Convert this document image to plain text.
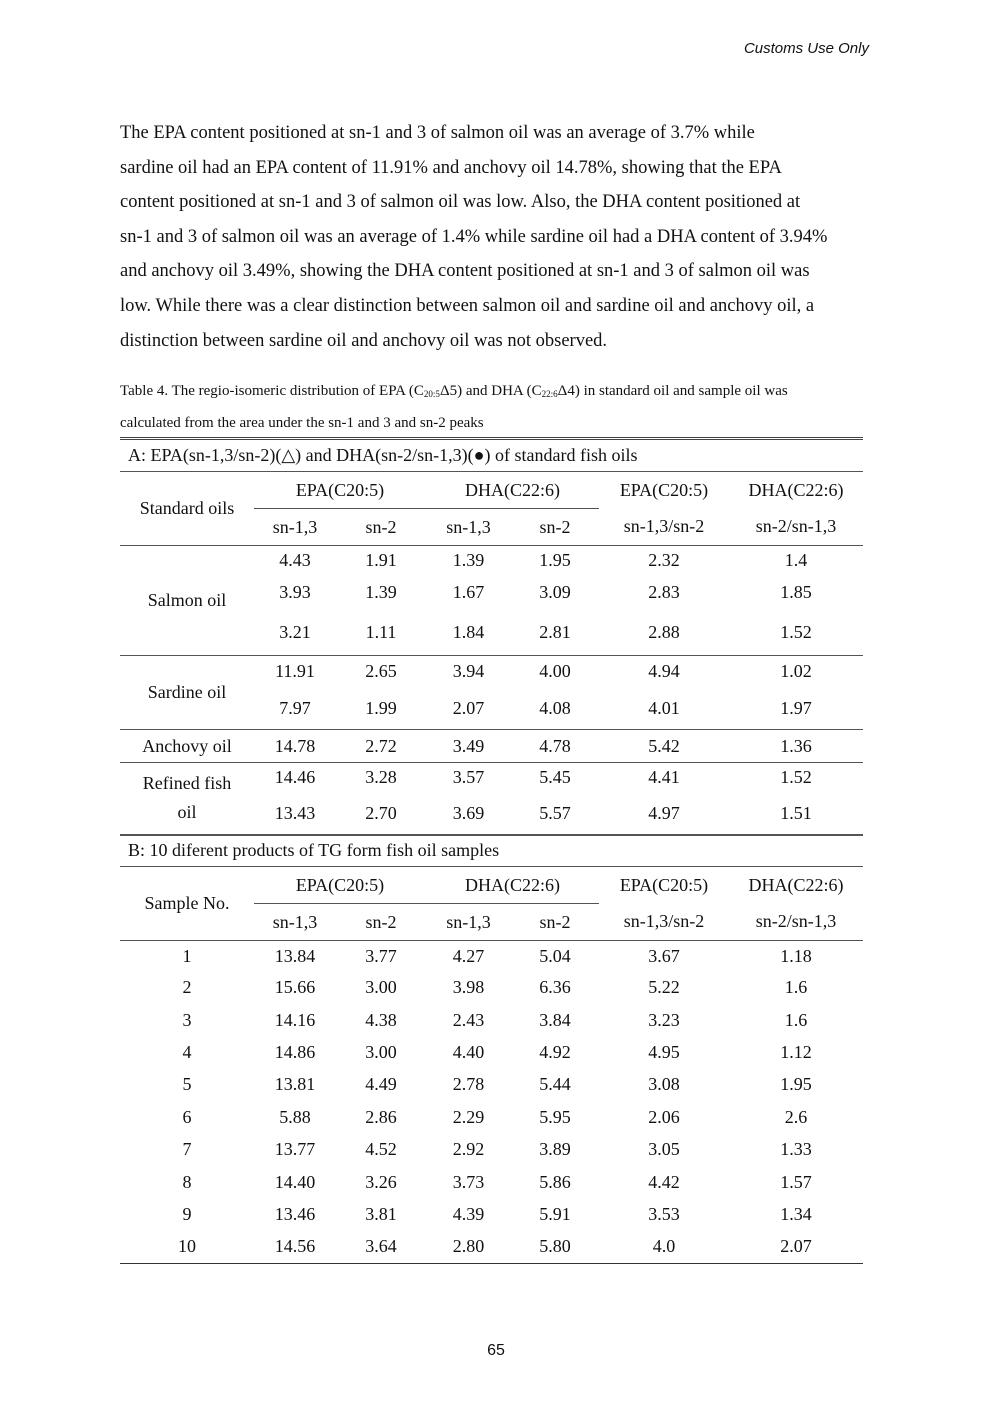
Customs Use Only
The EPA content positioned at sn-1 and 3 of salmon oil was an average of 3.7% while
sardine oil had an EPA content of 11.91% and anchovy oil 14.78%, showing that the EPA
content positioned at sn-1 and 3 of salmon oil was low. Also, the DHA content positioned at
sn-1 and 3 of salmon oil was an average of 1.4% while sardine oil had a DHA content of 3.94%
and anchovy oil 3.49%, showing the DHA content positioned at sn-1 and 3 of salmon oil was
low. While there was a clear distinction between salmon oil and sardine oil and anchovy oil, a
distinction between sardine oil and anchovy oil was not observed.
Table 4. The regio-isomeric distribution of EPA $(C_{20:5}\Delta 5)$ and DHA $(C_{22:6}\Delta 4)$ in standard oil and sample oil was
calculated from the area under the sn-1 and 3 and sn-2 peaks
A: EPA(sn-1,3/sn-2)(△) and DHA(sn-2/sn-1,3)(●) of standard fish oils						
Standard oils	EPA(C20:5)		DHA(C22:6)		EPA(C20:5)	DHA(C22:6)
	sn-1,3	sn-2	sn-1,3	sn-2	sn-1,3/sn-2	sn-2/sn-1,3
Salmon oil	4.43	1.91	1.39	1.95	2.32	1.4
	3.93	1.39	1.67	3.09	2.83	1.85
	3.21	1.11	1.84	2.81	2.88	1.52
Sardine oil	11.91	2.65	3.94	4.00	4.94	1.02
	7.97	1.99	2.07	4.08	4.01	1.97
Anchovy oil	14.78	2.72	3.49	4.78	5.42	1.36

Refined fish
oil	14.46	3.28	3.57	5.45	4.41	1.52
	13.43	2.70	3.69	5.57	4.97	1.51
B: 10 diferent products of TG form fish oil samples						
Sample No.	EPA(C20:5)		DHA(C22:6)		EPA(C20:5)	DHA(C22:6)
	sn-1,3	sn-2	sn-1,3	sn-2	sn-1,3/sn-2	sn-2/sn-1,3
1	13.84	3.77	4.27	5.04	3.67	1.18
2	15.66	3.00	3.98	6.36	5.22	1.6
3	14.16	4.38	2.43	3.84	3.23	1.6
4	14.86	3.00	4.40	4.92	4.95	1.12
5	13.81	4.49	2.78	5.44	3.08	1.95
6	5.88	2.86	2.29	5.95	2.06	2.6
7	13.77	4.52	2.92	3.89	3.05	1.33
8	14.40	3.26	3.73	5.86	4.42	1.57
9	13.46	3.81	4.39	5.91	3.53	1.34
10	14.56	3.64	2.80	5.80	4.0	2.07
65
